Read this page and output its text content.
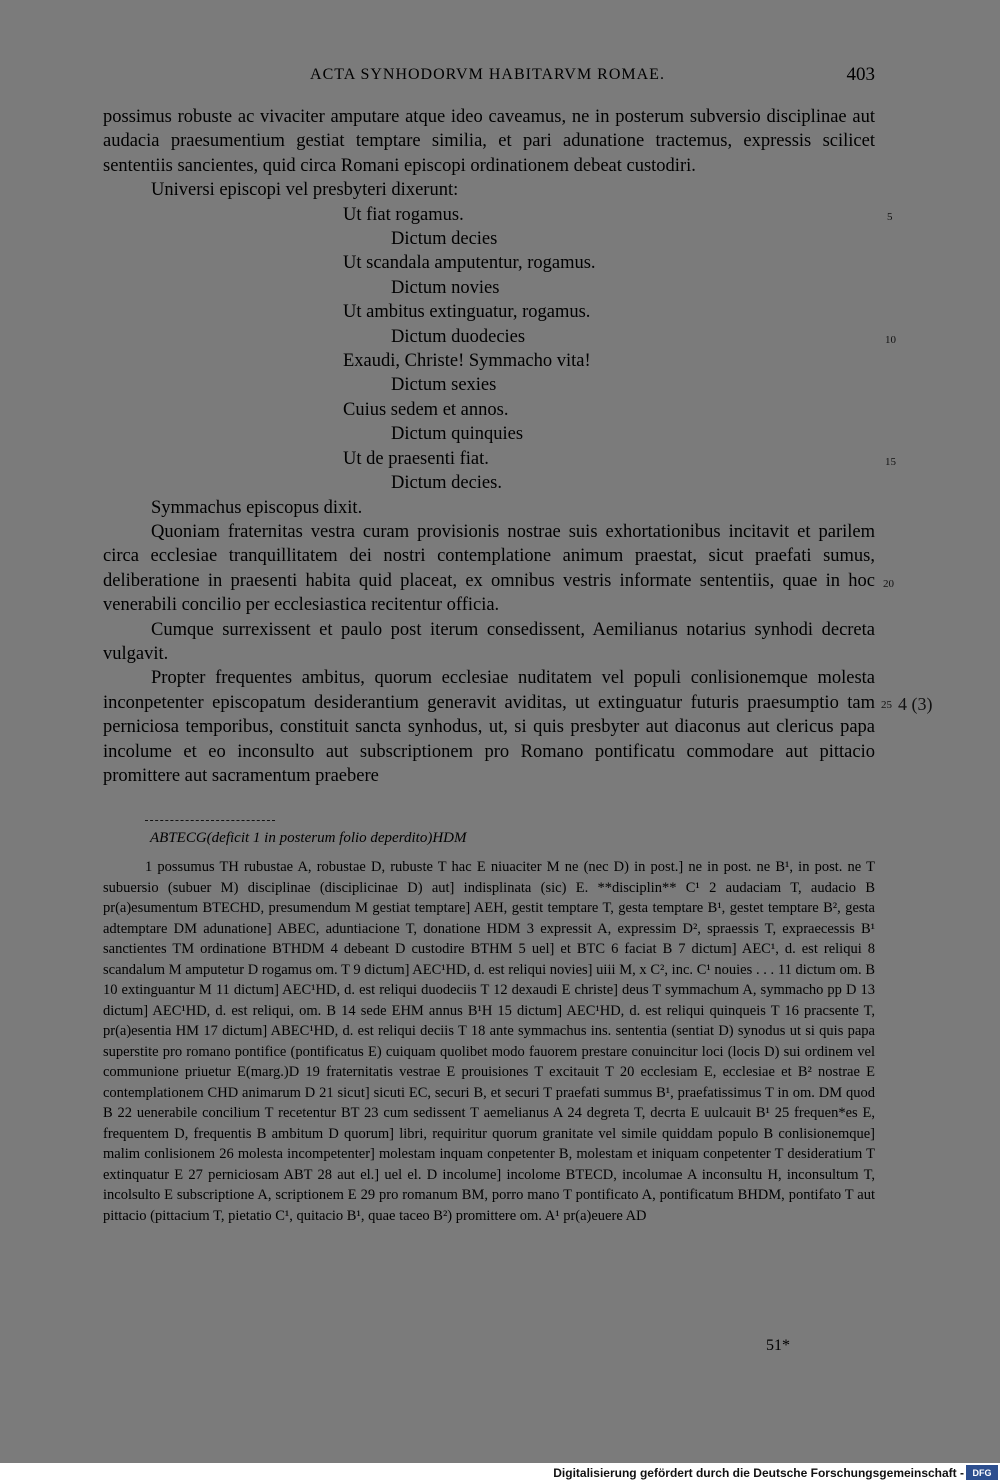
ACTA SYNHODORVM HABITARVM ROMAE.	403

possimus robuste ac vivaciter amputare atque ideo caveamus, ne in posterum subversio disciplinae aut audacia praesumentium gestiat temptare similia, et pari adunatione tractemus, expressis scilicet sententiis sancientes, quid circa Romani episcopi ordinationem debeat custodiri.

Universi episcopi vel presbyteri dixerunt:

Ut fiat rogamus.

Dictum decies

Ut scandala amputentur, rogamus.

Dictum novies

Ut ambitus extinguatur, rogamus.

Dictum duodecies

Exaudi, Christe! Symmacho vita!

Dictum sexies

Cuius sedem et annos.

Dictum quinquies

Ut de praesenti fiat.

Dictum decies.

Symmachus episcopus dixit.

Quoniam fraternitas vestra curam provisionis nostrae suis exhortationibus incitavit et parilem circa ecclesiae tranquillitatem dei nostri contemplatione animum praestat, sicut praefati sumus, deliberatione in praesenti habita quid placeat, ex omnibus vestris informate sententiis, quae in hoc venerabili concilio per ecclesiastica recitentur officia.

Cumque surrexissent et paulo post iterum consedissent, Aemilianus notarius synhodi decreta vulgavit.

Propter frequentes ambitus, quorum ecclesiae nuditatem vel populi conlisionemque molesta inconpetenter episcopatum desiderantium generavit aviditas, ut extinguatur futuris praesumptio tam perniciosa temporibus, constituit sancta synhodus, ut, si quis presbyter aut diaconus aut clericus papa incolume et eo inconsulto aut subscriptionem pro Romano pontificatu commodare aut pittacio promittere aut sacramentum praebere

5
10
15
20
25 4 (3)
ABTECG(deficit 1 in posterum folio deperdito)HDM

1 possumus TH rubustae A, robustae D, rubuste T hac E niuaciter M ne (nec D) in post.] ne in post. ne B¹, in post. ne T subuersio (subuer M) disciplinae (disciplicinae D) aut] indisplinata (sic) E. **disciplin** C¹ 2 audaciam T, audacio B pr(a)esumentum BTECHD, presumendum M gestiat temptare] AEH, gestit temptare T, gesta temptare B¹, gestet temptare B², gesta adtemptare DM adunatione] ABEC, aduntiacione T, donatione HDM 3 expressit A, expressim D², spraessis T, expraecessis B¹ sanctientes TM ordinatione BTHDM 4 debeant D custodire BTHM 5 uel] et BTC 6 faciat B 7 dictum] AEC¹, d. est reliqui 8 scandalum M amputetur D rogamus om. T 9 dictum] AEC¹HD, d. est reliqui novies] uiii M, x C², inc. C¹ nouies . . . 11 dictum om. B 10 extinguantur M 11 dictum] AEC¹HD, d. est reliqui duodeciis T 12 dexaudi E christe] deus T symmachum A, symmacho pp D 13 dictum] AEC¹HD, d. est reliqui, om. B 14 sede EHM annus B¹H 15 dictum] AEC¹HD, d. est reliqui quinqueis T 16 pracsente T, pr(a)esentia HM 17 dictum] ABEC¹HD, d. est reliqui deciis T 18 ante symmachus ins. sententia (sentiat D) synodus ut si quis papa superstite pro romano pontifice (pontificatus E) cuiquam quolibet modo fauorem prestare conuincitur loci (locis D) sui ordinem vel communione priuetur E(marg.)D 19 fraternitatis vestrae E prouisiones T excitauit T 20 ecclesiam E, ecclesiae et B² nostrae E contemplationem CHD animarum D 21 sicut] sicuti EC, securi B, et securi T praefati summus B¹, praefatissimus T in om. DM quod B 22 uenerabile concilium T recetentur BT 23 cum sedissent T aemelianus A 24 degreta T, decrta E uulcauit B¹ 25 frequen*es E, frequentem D, frequentis B ambitum D quorum] libri, requiritur quorum granitate vel simile quiddam populo B conlisionemque] malim conlisionem 26 molesta incompetenter] molestam inquam conpetenter B, molestam et iniquam conpetenter T desideratium T extinquatur E 27 perniciosam ABT 28 aut el.] uel el. D incolume] incolome BTECD, incolumae A inconsultu H, inconsultum T, incolsulto E subscriptione A, scriptionem E 29 pro romanum BM, porro mano T pontificato A, pontificatum BHDM, pontifato T aut pittacio (pittacium T, pietatio C¹, quitacio B¹, quae taceo B²) promittere om. A¹ pr(a)euere AD

51*
Digitalisierung gefördert durch die Deutsche Forschungsgemeinschaft - DFG
